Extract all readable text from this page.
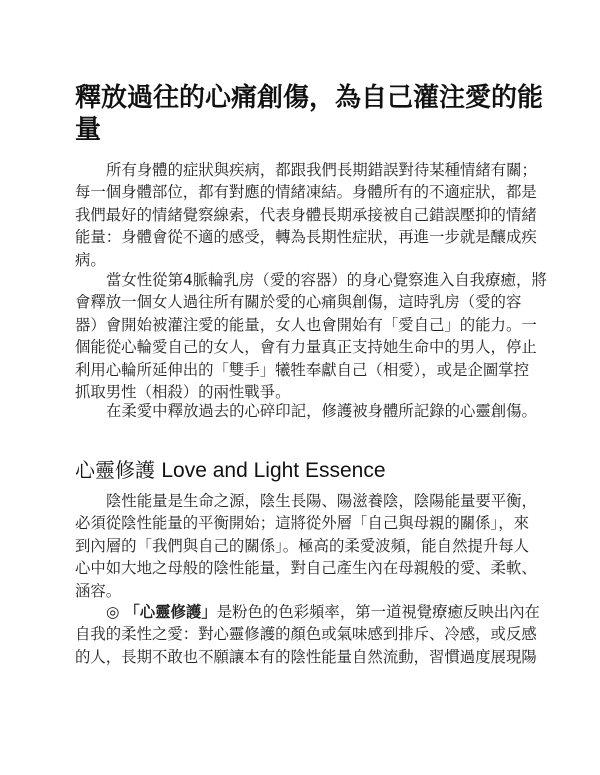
釋放過往的心痛創傷，為自己灌注愛的能
量

所有身體的症狀與疾病，都跟我們長期錯誤對待某種情緒有關；
每一個身體部位，都有對應的情緒凍結。身體所有的不適症狀，都是
我們最好的情緒覺察線索，代表身體長期承接被自己錯誤壓抑的情緒
能量：身體會從不適的感受，轉為長期性症狀，再進一步就是釀成疾
病。

當女性從第4脈輪乳房（愛的容器）的身心覺察進入自我療癒，將
會釋放一個女人過往所有關於愛的心痛與創傷，這時乳房（愛的容
器）會開始被灌注愛的能量，女人也會開始有「愛自己」的能力。一
個能從心輪愛自己的女人，會有力量真正支持她生命中的男人，停止
利用心輪所延伸出的「雙手」犧牲奉獻自己（相愛），或是企圖掌控
抓取男性（相殺）的兩性戰爭。

在柔愛中釋放過去的心碎印記，修護被身體所記錄的心靈創傷。

心靈修護 Love and Light Essence

陰性能量是生命之源，陰生長陽、陽滋養陰，陰陽能量要平衡，
必須從陰性能量的平衡開始；這將從外層「自己與母親的關係」，來
到內層的「我們與自己的關係」。極高的柔愛波頻，能自然提升每人
心中如大地之母般的陰性能量，對自己產生內在母親般的愛、柔軟、
涵容。

◎ 「心靈修護」是粉色的色彩頻率，第一道視覺療癒反映出內在
自我的柔性之愛：對心靈修護的顏色或氣味感到排斥、冷感，或反感
的人，長期不敢也不願讓本有的陰性能量自然流動，習慣過度展現陽
